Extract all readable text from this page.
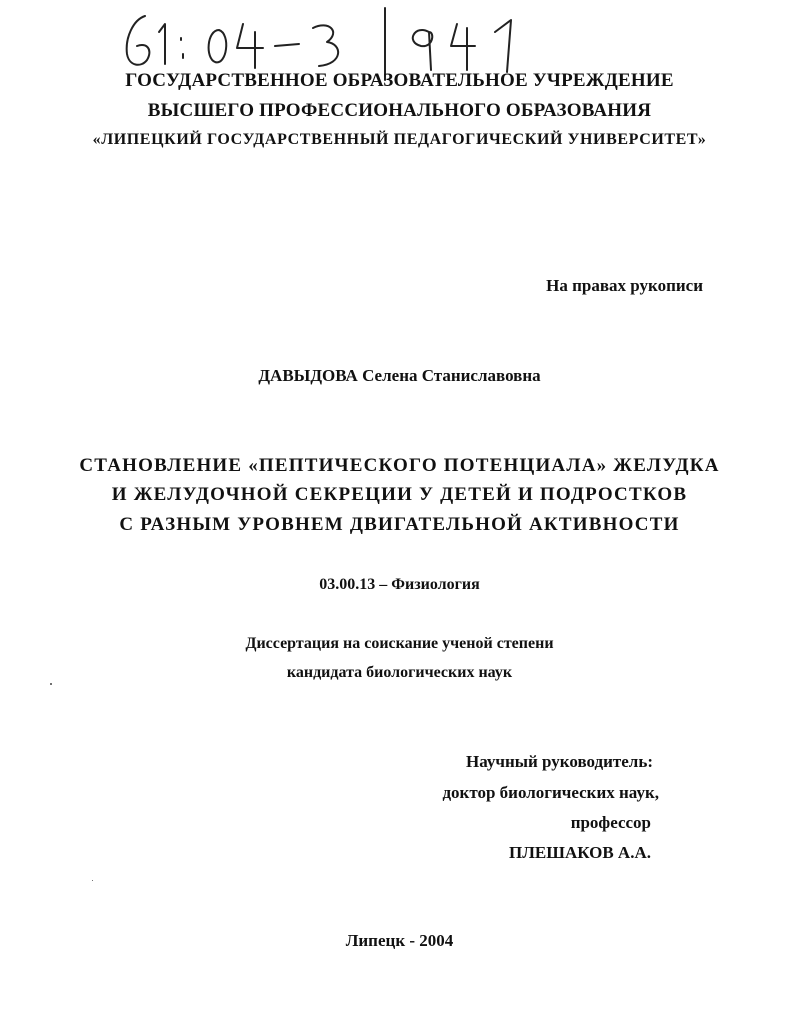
ГОСУДАРСТВЕННОЕ ОБРАЗОВАТЕЛЬНОЕ УЧРЕЖДЕНИЕ
ВЫСШЕГО ПРОФЕССИОНАЛЬНОГО ОБРАЗОВАНИЯ
«ЛИПЕЦКИЙ ГОСУДАРСТВЕННЫЙ ПЕДАГОГИЧЕСКИЙ УНИВЕРСИТЕТ»
На правах рукописи
ДАВЫДОВА Селена Станиславовна
СТАНОВЛЕНИЕ «ПЕПТИЧЕСКОГО ПОТЕНЦИАЛА» ЖЕЛУДКА
И ЖЕЛУДОЧНОЙ СЕКРЕЦИИ У ДЕТЕЙ И ПОДРОСТКОВ
С РАЗНЫМ УРОВНЕМ ДВИГАТЕЛЬНОЙ АКТИВНОСТИ
03.00.13 – Физиология
Диссертация на соискание ученой степени
кандидата биологических наук
Научный руководитель:
доктор биологических наук,
профессор
ПЛЕШАКОВ А.А.
Липецк - 2004
